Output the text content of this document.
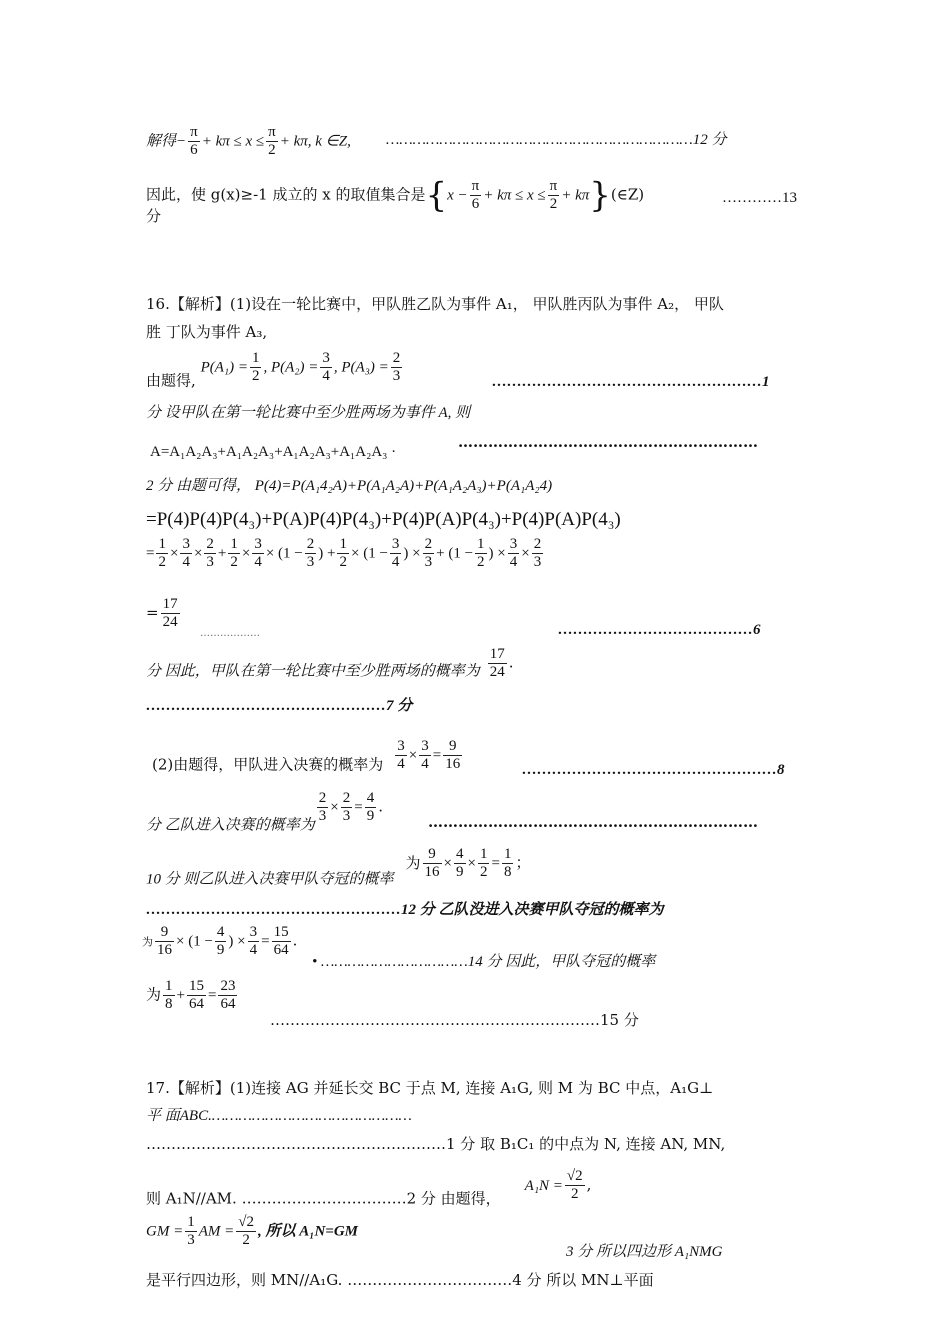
解得− $\frac{\pi}{6} + k\pi \le x \le \frac{\pi}{2} + k\pi$, k ∈Z, ……………………………………………………………12 分
因此，使 g(x)≥-1 成立的 x 的取值集合是{$x - \frac{\pi}{6} + k\pi \le x \le \frac{\pi}{2}$ + kπ}(∈Z)	…………13
分
16.【解析】(1)设在一轮比赛中，甲队胜乙队为事件 A₁， 甲队胜丙队为事件 A₂， 甲队
胜 丁队为事件 A₃,
由题得, $P(A_1) = \frac{1}{2}$ , $P(A_2) = \frac{3}{4}$ , $P(A_3) = \frac{2}{3}$	………………………………………………1
分 设甲队在第一轮比赛中至少胜两场为事件 A, 则
A=A₁A₂A₃+A₁A₂A₃+A₁A₂A₃+A₁A₂A₃ ·
……………………………………………………
2 分 由题可得， P(4)=P(A₁4₂A)+P(A₁A₂A)+P(A₁A₂A₃)+P(A₁A₂4)
=P(4)P(4)P(4₃)+P(A)P(4)P(4₃)+P(4)P(A)P(4₃)+P(4)P(A)P(4₃)
= $\frac{1}{2} \times \frac{3}{4} \times \frac{2}{3} + \frac{1}{2} \times \frac{3}{4} \times (1 - \frac{2}{3}$ ) + $\frac{1}{2} \times (1 - \frac{3}{4}$ ) × $\frac{2}{3} + (1 - \frac{1}{2}$ ) × $\frac{3}{4} \times \frac{2}{3}$
= $\frac{17}{24}$
………………	…………………………………6
分 因此，甲队在第一轮比赛中至少胜两场的概率为 $\frac{17}{24}$ .
…………………………………………7 分
(2)由题得，甲队进入决赛的概率为 $\frac{3}{4} \times \frac{3}{4} = \frac{9}{16}$	……………………………………………8
分 乙队进入决赛的概率为
$\frac{2}{3} \times \frac{2}{3} = \frac{4}{9}$ .
…………………………………………………………
10 分 则乙队进入决赛甲队夺冠的概率为 $\frac{9}{16} \times \frac{4}{9} \times \frac{1}{2} = \frac{1}{8}$ ；
……………………………………………12 分 乙队没进入决赛甲队夺冠的概率为
为 $\frac{9}{16} \times (1 - \frac{4}{9}$ ) × $\frac{3}{4} = \frac{15}{64}$ .
• ……………………………14 分 因此，甲队夺冠的概率
为 $\frac{1}{8} + \frac{15}{64} = \frac{23}{64}$
…………………………………………………………15 分
17.【解析】(1)连接 AG 并延长交 BC 于点 M, 连接 A₁G, 则 M 为 BC 中点，A₁G⊥
平 面ABC.………………………………………
……………………………………………………1 分 取 B₁C₁ 的中点为 N, 连接 AN, MN,
则 A₁N//AM. ……………………………2 分 由题得，$A_1N = \frac{√2}{2}$ ,
GM = $\frac{1}{3}$ AM = $\frac{√2}{2}$ , 所以 A₁N=GM
3 分 所以四边形 A₁NMG
是平行四边形，则 MN//A₁G. ……………………………4 分 所以 MN⊥平面
